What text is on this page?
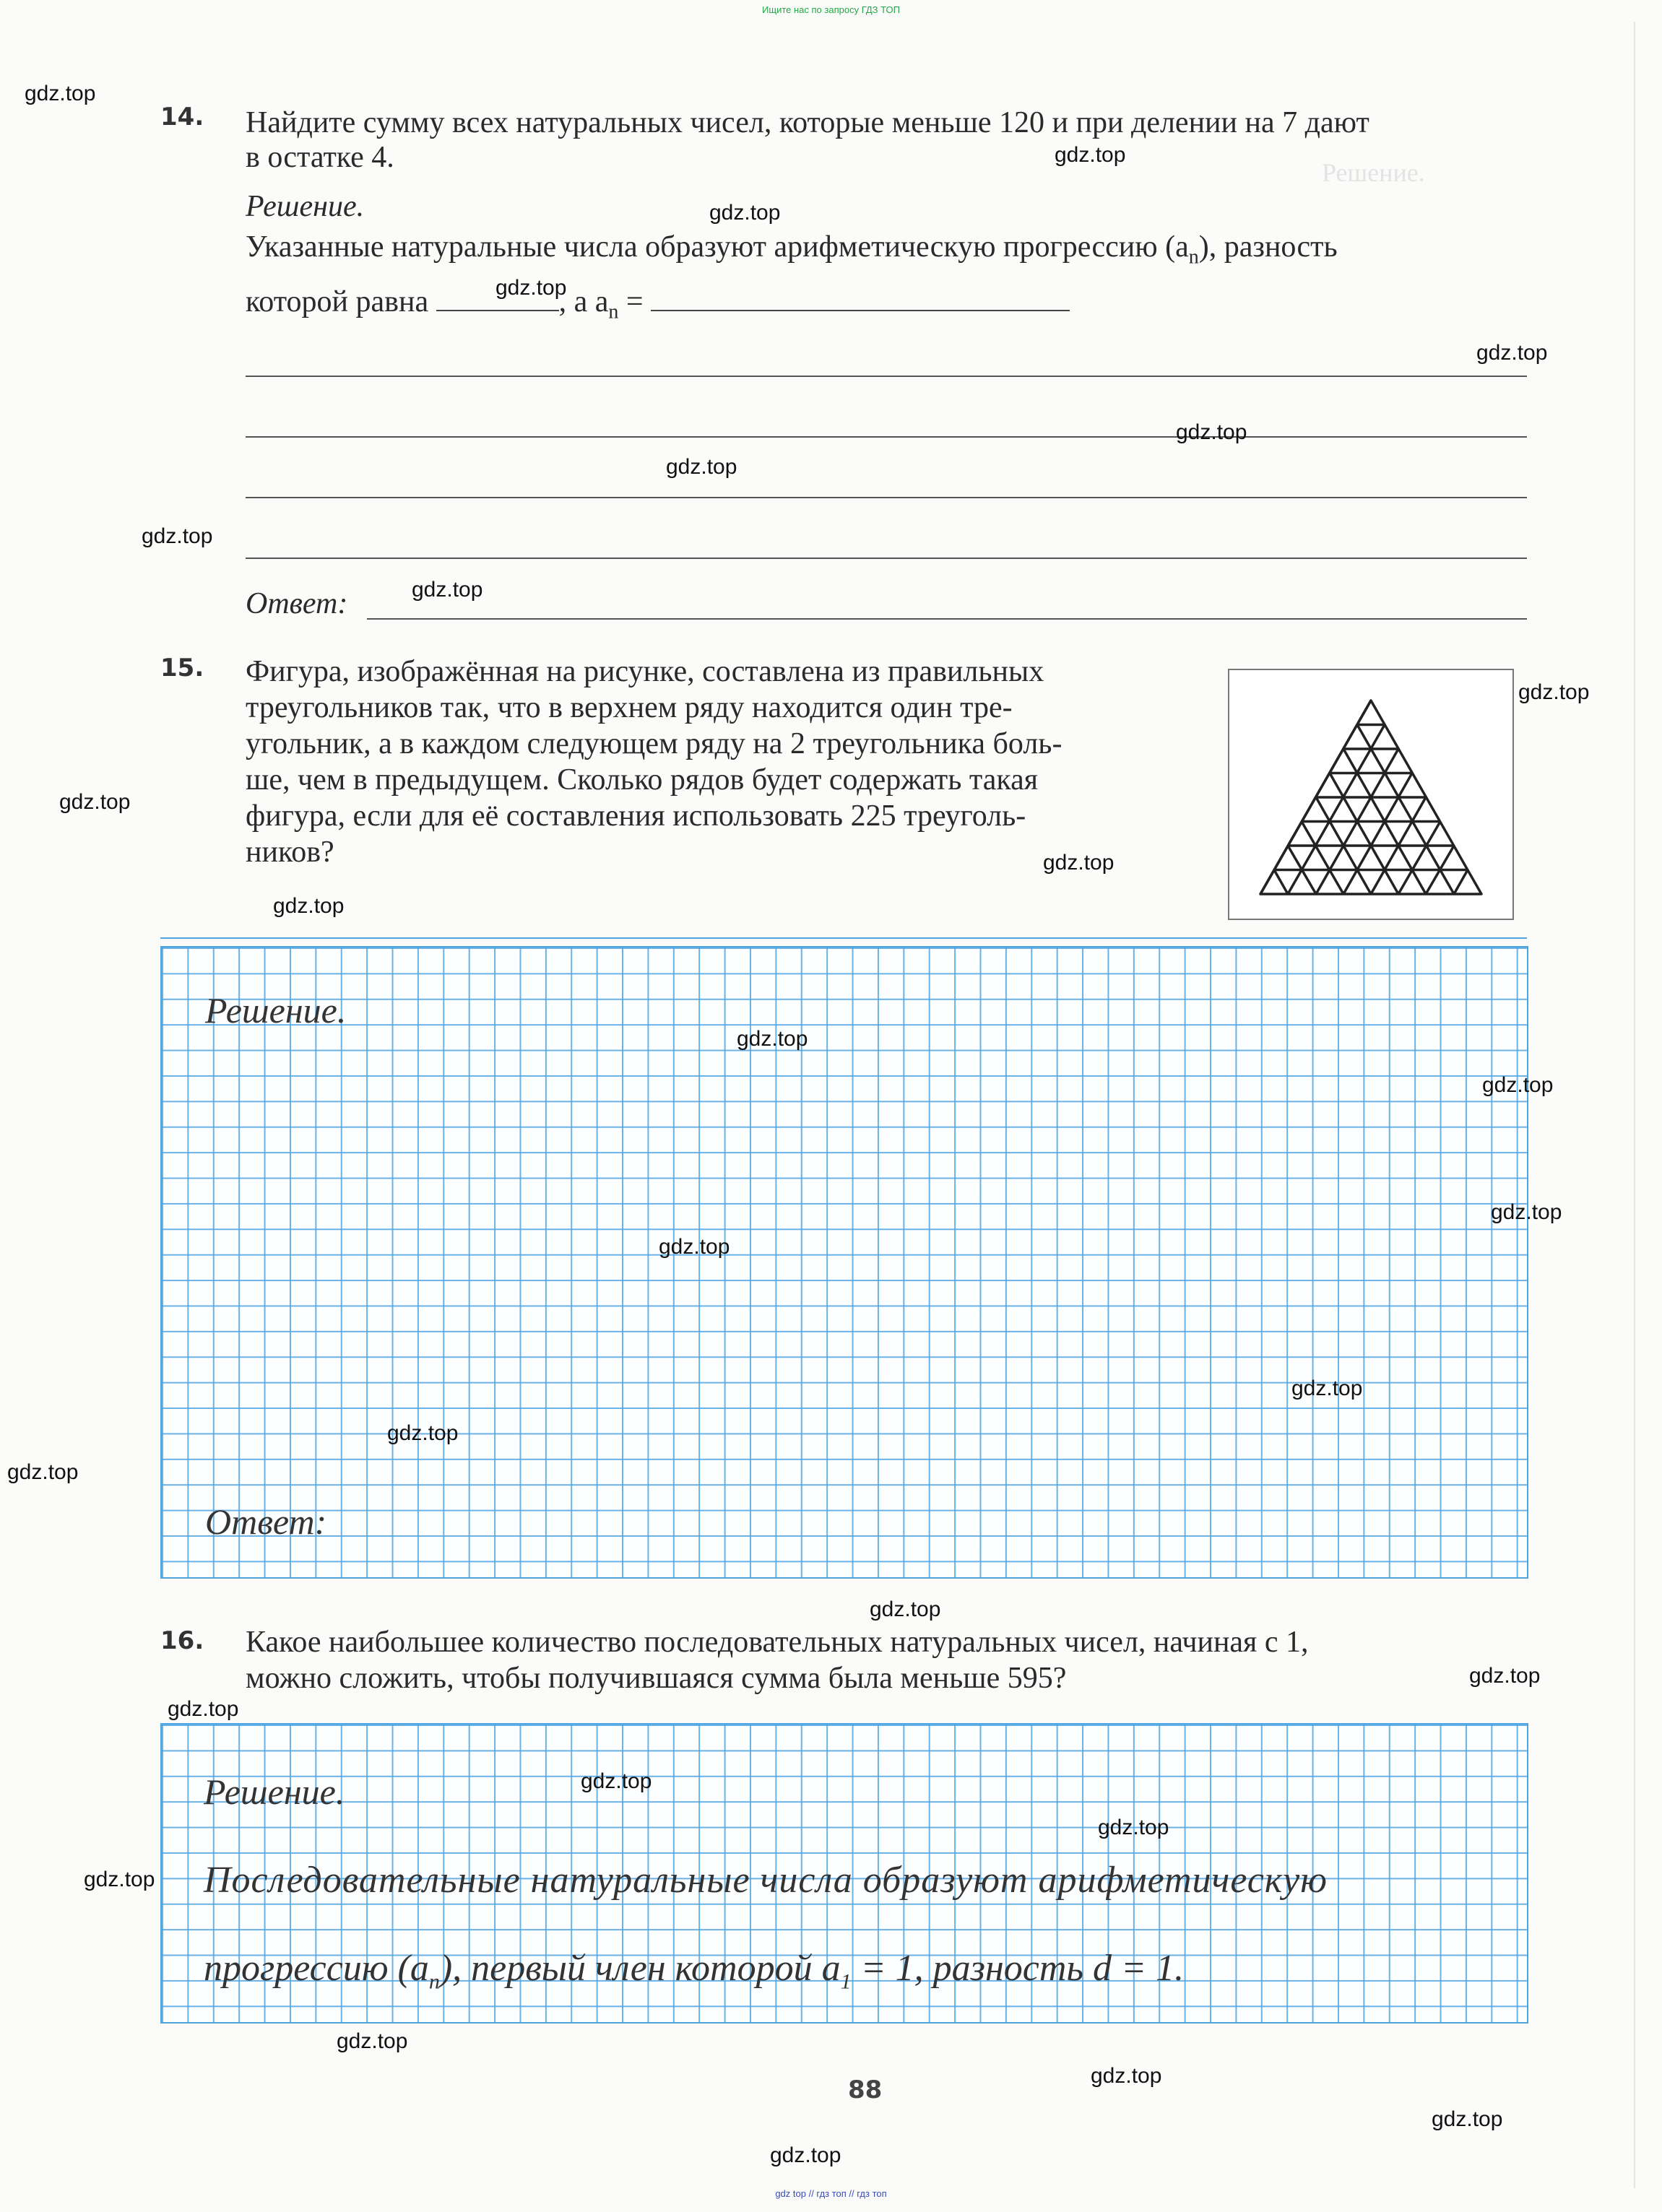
Ищите нас по запросу ГДЗ ТОП
Решение.

14. Найдите сумму всех натуральных чисел, которые меньше 120 и при делении на 7 дают
в остатке 4.
Решение.
Указанные натуральные числа образуют арифметическую прогрессию $(a_n)$, разность
которой равна	, а $a_n$ =
Ответ:
15. Фигура, изображённая на рисунке, составлена из правильных
треугольников так, что в верхнем ряду находится один тре-
угольник, а в каждом следующем ряду на 2 треугольника боль-
ше, чем в предыдущем. Сколько рядов будет содержать такая
фигура, если для её составления использовать 225 треуголь-
ников?
Решение.
Ответ:
16. Какое наибольшее количество последовательных натуральных чисел, начиная с 1,
можно сложить, чтобы получившаяся сумма была меньше 595?
Решение.
Последовательные натуральные числа образуют арифметическую
прогрессию $(a_n)$, первый член которой $a_1 = 1$, разность d = 1.
88
gdz.top
gdz.top
gdz.top
gdz.top
gdz.top
gdz.top
gdz.top
gdz.top
gdz.top
gdz.top
gdz.top
gdz.top
gdz.top
gdz.top
gdz.top
gdz.top
gdz.top
gdz.top
gdz.top
gdz.top
gdz.top
gdz.top
gdz.top
gdz.top
gdz.top
gdz.top
gdz.top
gdz.top
gdz.top
gdz.top
gdz top // гдз топ // гдз топ
